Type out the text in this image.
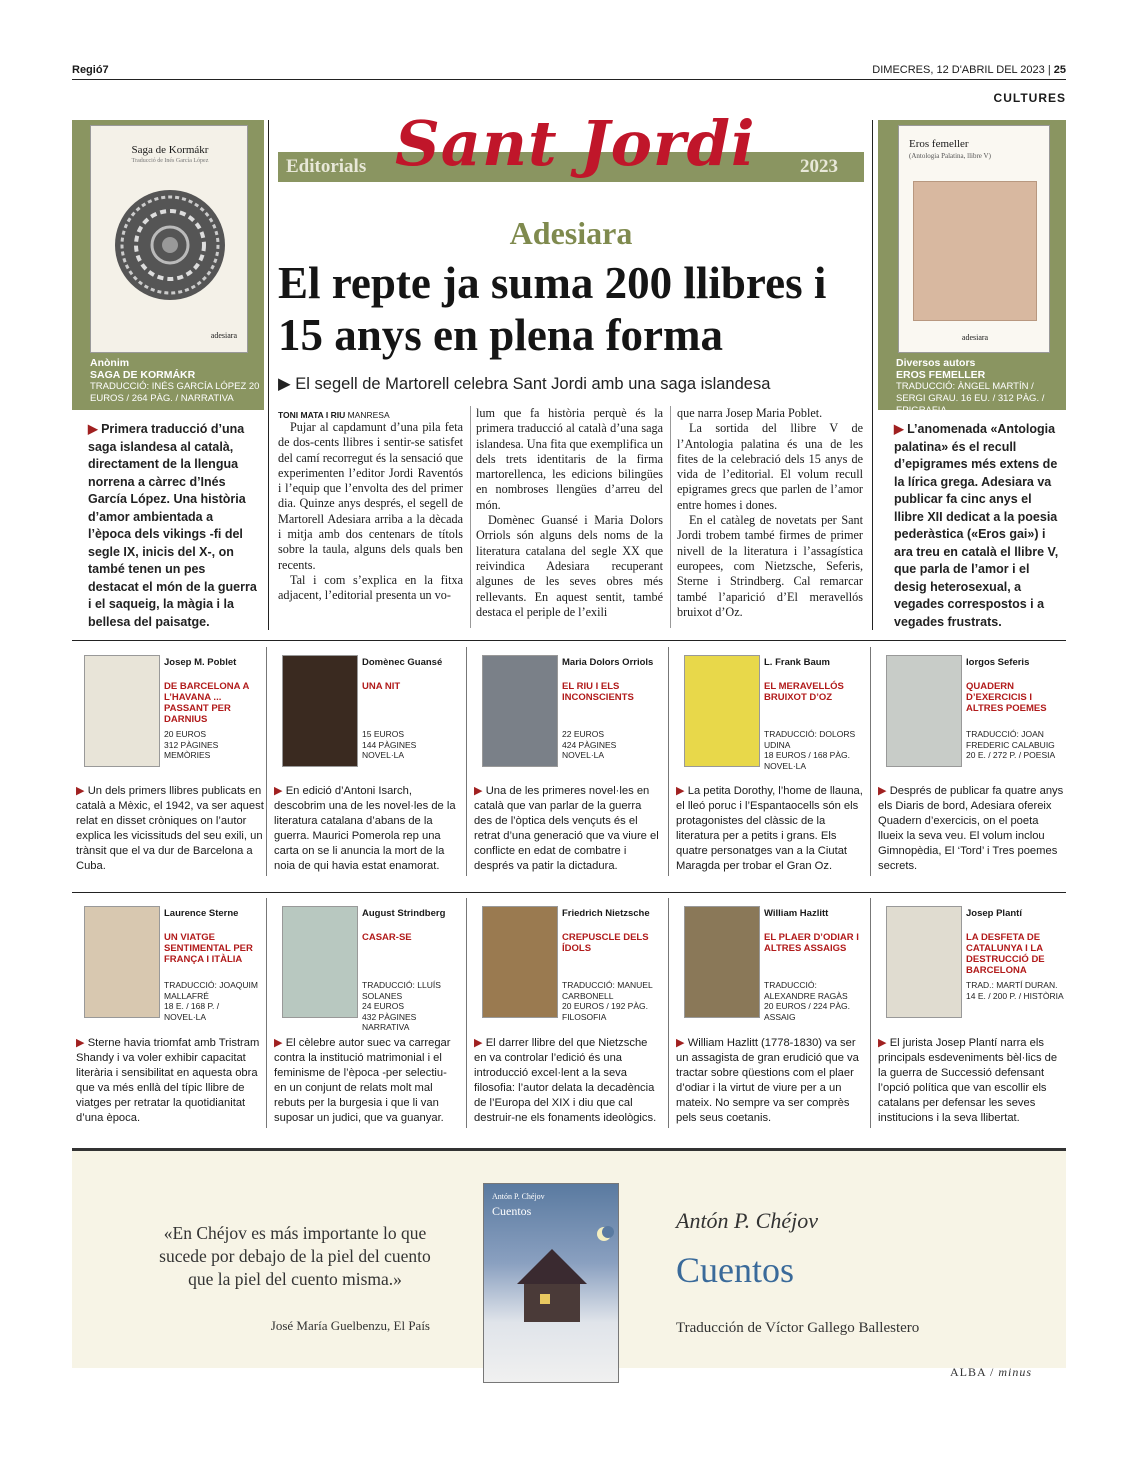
Regió7	DIMECRES, 12 D'ABRIL DEL 2023 | 25
CULTURES
Saga de Kormákr
Traducció de Inés García López
adesiara
Anònim
SAGA DE KORMÁKR
TRADUCCIÓ: INÉS GARCÍA LÓPEZ 20 EUROS / 264 PÀG. / NARRATIVA
▶ Primera traducció d’una saga islandesa al català, directament de la llengua norrena a càrrec d’Inés García López. Una història d’amor ambientada a l’època dels vikings -fi del segle IX, inicis del X-, on també tenen un pes destacat el món de la guerra i el saqueig, la màgia i la bellesa del paisatge.
Eros femeller
(Antologia Palatina, llibre V)
adesiara
Diversos autors
EROS FEMELLER
TRADUCCIÓ: ÀNGEL MARTÍN / SERGI GRAU. 16 EU. / 312 PÀG. / EPIGRAFIA
▶ L’anomenada «Antologia palatina» és el recull d’epigrames més extens de la lírica grega. Adesiara va publicar fa cinc anys el llibre XII dedicat a la poesia pederàstica («Eros gai») i ara treu en català el llibre V, que parla de l’amor i el desig heterosexual, a vegades correspostos i a vegades frustrats.
Editorials	2023
Sant Jordi
Adesiara
El repte ja suma 200 llibres i 15 anys en plena forma
▶ El segell de Martorell celebra Sant Jordi amb una saga islandesa
TONI MATA I RIU MANRESA

Pujar al capdamunt d’una pila feta de dos-cents llibres i sentir-se satisfet del camí recorregut és la sensació que experimenten l’editor Jordi Raventós i l’equip que l’envolta des del primer dia. Quinze anys després, el segell de Martorell Adesiara arriba a la dècada i mitja amb dos centenars de títols sobre la taula, alguns dels quals ben recents.

Tal i com s’explica en la fitxa adjacent, l’editorial presenta un vo-

lum que fa història perquè és la primera traducció al català d’una saga islandesa. Una fita que exemplifica un dels trets identitaris de la firma martorellenca, les edicions bilingües en nombroses llengües d’arreu del món.

Domènec Guansé i Maria Dolors Orriols són alguns dels noms de la literatura catalana del segle XX que reivindica Adesiara recuperant algunes de les seves obres més rellevants. En aquest sentit, també destaca el periple de l’exili

que narra Josep Maria Poblet.

La sortida del llibre V de l’Antologia palatina és una de les fites de la celebració dels 15 anys de vida de l’editorial. El volum recull epigrames grecs que parlen de l’amor entre homes i dones.

En el catàleg de novetats per Sant Jordi trobem també firmes de primer nivell de la literatura i l’assagística europees, com Nietzsche, Seferis, Sterne i Strindberg. Cal remarcar també l’aparició d’El meravellós bruixot d’Oz.

Josep M. Poblet
DE BARCELONA A L’HAVANA ... PASSANT PER DARNIUS
20 EUROS
312 PÀGINES
MEMÒRIES
▶ Un dels primers llibres publicats en català a Mèxic, el 1942, va ser aquest relat en disset cròniques on l’autor explica les vicissituds del seu exili, un trànsit que el va dur de Barcelona a Cuba.
Domènec Guansé
UNA NIT
15 EUROS
144 PÀGINES
NOVEL·LA
▶ En edició d’Antoni Isarch, descobrim una de les novel·les de la literatura catalana d’abans de la guerra. Maurici Pomerola rep una carta on se li anuncia la mort de la noia de qui havia estat enamorat.
Maria Dolors Orriols
EL RIU I ELS INCONSCIENTS
22 EUROS
424 PÀGINES
NOVEL·LA
▶ Una de les primeres novel·les en català que van parlar de la guerra des de l’òptica dels vençuts és el retrat d’una generació que va viure el conflicte en edat de combatre i després va patir la dictadura.
L. Frank Baum
EL MERAVELLÓS BRUIXOT D’OZ
TRADUCCIÓ: DOLORS UDINA
18 EUROS / 168 PÀG.
NOVEL·LA
▶ La petita Dorothy, l’home de llauna, el lleó poruc i l’Espantaocells són els protagonistes del clàssic de la literatura per a petits i grans. Els quatre personatges van a la Ciutat Maragda per trobar el Gran Oz.
Iorgos Seferis
QUADERN D’EXERCICIS I ALTRES POEMES
TRADUCCIÓ: JOAN FREDERIC CALABUIG
20 E. / 272 P. / POESIA
▶ Després de publicar fa quatre anys els Diaris de bord, Adesiara ofereix Quadern d’exercicis, on el poeta llueix la seva veu. El volum inclou Gimnopèdia, El ‘Tord’ i Tres poemes secrets.
Laurence Sterne
UN VIATGE SENTIMENTAL PER FRANÇA I ITÀLIA
TRADUCCIÓ: JOAQUIM MALLAFRÉ
18 E. / 168 P. / NOVEL·LA
▶ Sterne havia triomfat amb Tristram Shandy i va voler exhibir capacitat literària i sensibilitat en aquesta obra que va més enllà del típic llibre de viatges per retratar la quotidianitat d’una època.
August Strindberg
CASAR-SE
TRADUCCIÓ: LLUÍS SOLANES
24 EUROS
432 PÀGINES
NARRATIVA
▶ El cèlebre autor suec va carregar contra la institució matrimonial i el feminisme de l’època -per selectiu- en un conjunt de relats molt mal rebuts per la burgesia i que li van suposar un judici, que va guanyar.
Friedrich Nietzsche
CREPUSCLE DELS ÍDOLS
TRADUCCIÓ: MANUEL CARBONELL
20 EUROS / 192 PÀG.
FILOSOFIA
▶ El darrer llibre del que Nietzsche en va controlar l’edició és una introducció excel·lent a la seva filosofia: l’autor delata la decadència de l’Europa del XIX i diu que cal destruir-ne els fonaments ideològics.
William Hazlitt
EL PLAER D’ODIAR I ALTRES ASSAIGS
TRADUCCIÓ: ALEXANDRE RAGÀS
20 EUROS / 224 PÀG.
ASSAIG
▶ William Hazlitt (1778-1830) va ser un assagista de gran erudició que va tractar sobre qüestions com el plaer d’odiar i la virtut de viure per a un mateix. No sempre va ser comprès pels seus coetanis.
Josep Plantí
LA DESFETA DE CATALUNYA I LA DESTRUCCIÓ DE BARCELONA
TRAD.: MARTÍ DURAN.
14 E. / 200 P. / HISTÒRIA
▶ El jurista Josep Plantí narra els principals esdeveniments bèl·lics de la guerra de Successió defensant l’opció política que van escollir els catalans per defensar les seves institucions i la seva llibertat.
«En Chéjov es más importante lo que sucede por debajo de la piel del cuento que la piel del cuento misma.»
José María Guelbenzu, El País
Antón P. Chéjov
Cuentos	Antón P. Chéjov
Cuentos
Traducción de Víctor Gallego Ballestero
ALBA / minus
